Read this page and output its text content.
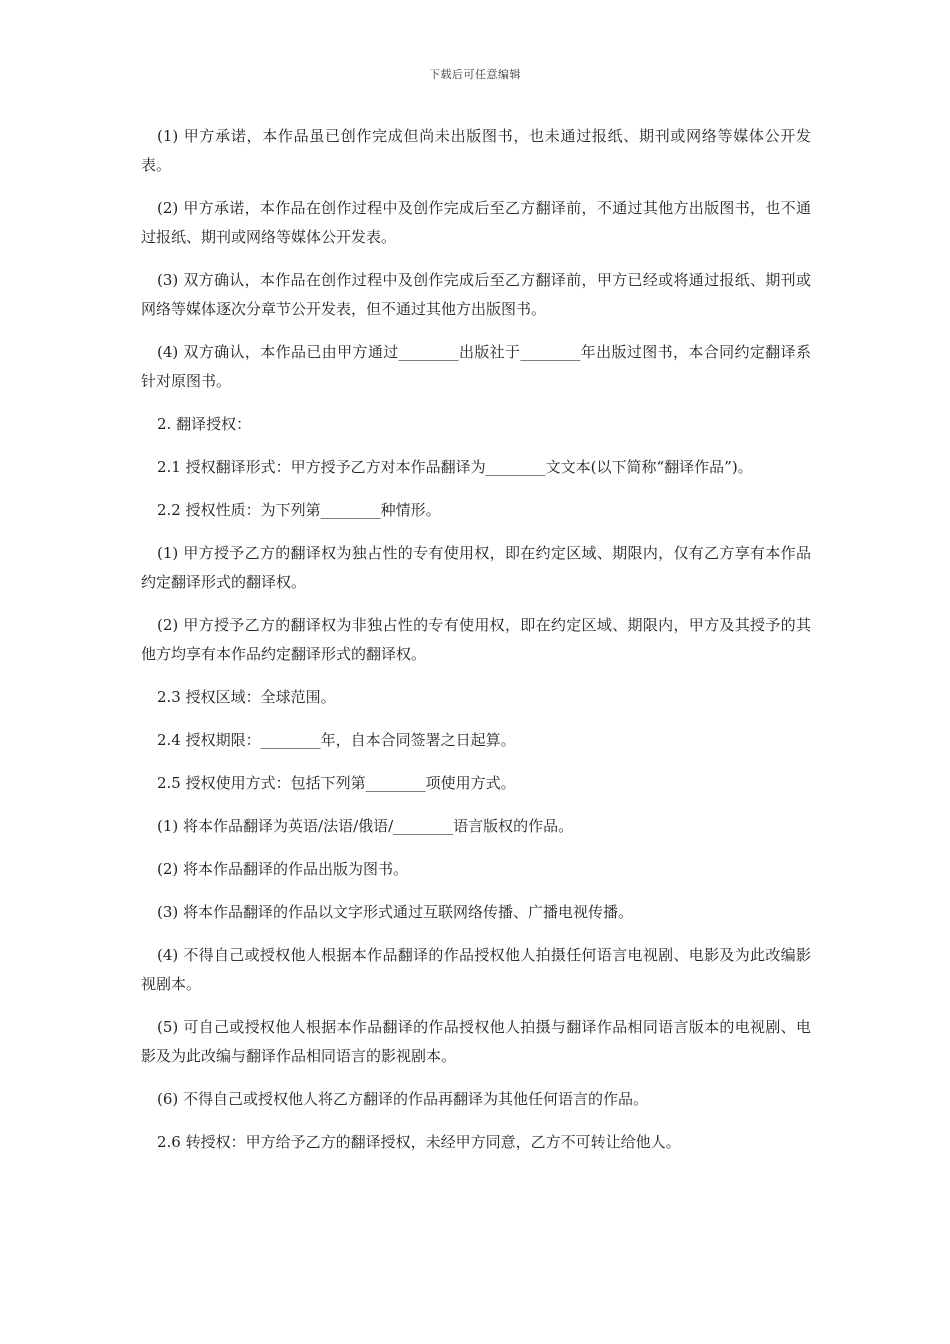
下载后可任意编辑

(1) 甲方承诺，本作品虽已创作完成但尚未出版图书，也未通过报纸、期刊或网络等媒体公开发表。

(2) 甲方承诺，本作品在创作过程中及创作完成后至乙方翻译前，不通过其他方出版图书，也不通过报纸、期刊或网络等媒体公开发表。

(3) 双方确认，本作品在创作过程中及创作完成后至乙方翻译前，甲方已经或将通过报纸、期刊或网络等媒体逐次分章节公开发表，但不通过其他方出版图书。

(4) 双方确认，本作品已由甲方通过________出版社于________年出版过图书，本合同约定翻译系针对原图书。

2. 翻译授权：

2.1 授权翻译形式：甲方授予乙方对本作品翻译为________文文本(以下简称“翻译作品”)。

2.2 授权性质：为下列第________种情形。

(1) 甲方授予乙方的翻译权为独占性的专有使用权，即在约定区域、期限内，仅有乙方享有本作品约定翻译形式的翻译权。

(2) 甲方授予乙方的翻译权为非独占性的专有使用权，即在约定区域、期限内，甲方及其授予的其他方均享有本作品约定翻译形式的翻译权。

2.3 授权区域：全球范围。

2.4 授权期限：________年，自本合同签署之日起算。

2.5 授权使用方式：包括下列第________项使用方式。

(1) 将本作品翻译为英语/法语/俄语/________语言版权的作品。

(2) 将本作品翻译的作品出版为图书。

(3) 将本作品翻译的作品以文字形式通过互联网络传播、广播电视传播。

(4) 不得自己或授权他人根据本作品翻译的作品授权他人拍摄任何语言电视剧、电影及为此改编影视剧本。

(5) 可自己或授权他人根据本作品翻译的作品授权他人拍摄与翻译作品相同语言版本的电视剧、电影及为此改编与翻译作品相同语言的影视剧本。

(6) 不得自己或授权他人将乙方翻译的作品再翻译为其他任何语言的作品。

2.6 转授权：甲方给予乙方的翻译授权，未经甲方同意，乙方不可转让给他人。
